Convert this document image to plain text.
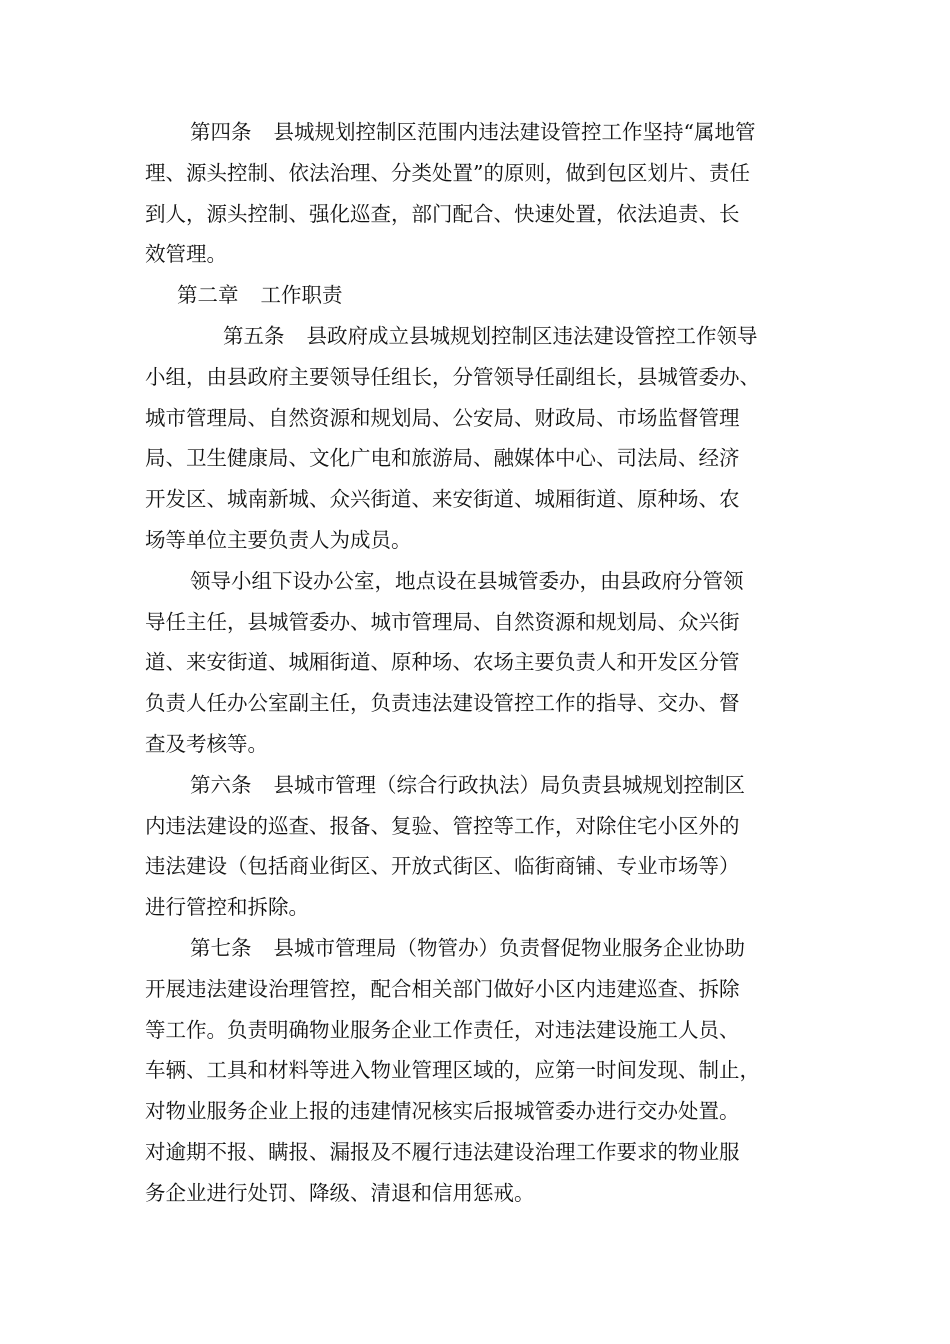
第四条 县城规划控制区范围内违法建设管控工作坚持“属地管
理、源头控制、依法治理、分类处置”的原则，做到包区划片、责任
到人，源头控制、强化巡查，部门配合、快速处置，依法追责、长
效管理。
第二章 工作职责
第五条 县政府成立县城规划控制区违法建设管控工作领导
小组，由县政府主要领导任组长，分管领导任副组长，县城管委办、
城市管理局、自然资源和规划局、公安局、财政局、市场监督管理
局、卫生健康局、文化广电和旅游局、融媒体中心、司法局、经济
开发区、城南新城、众兴街道、来安街道、城厢街道、原种场、农
场等单位主要负责人为成员。
领导小组下设办公室，地点设在县城管委办，由县政府分管领
导任主任，县城管委办、城市管理局、自然资源和规划局、众兴街
道、来安街道、城厢街道、原种场、农场主要负责人和开发区分管
负责人任办公室副主任，负责违法建设管控工作的指导、交办、督
查及考核等。
第六条 县城市管理（综合行政执法）局负责县城规划控制区
内违法建设的巡查、报备、复验、管控等工作，对除住宅小区外的
违法建设（包括商业街区、开放式街区、临街商铺、专业市场等）
进行管控和拆除。
第七条 县城市管理局（物管办）负责督促物业服务企业协助
开展违法建设治理管控，配合相关部门做好小区内违建巡查、拆除
等工作。负责明确物业服务企业工作责任，对违法建设施工人员、
车辆、工具和材料等进入物业管理区域的，应第一时间发现、制止，
对物业服务企业上报的违建情况核实后报城管委办进行交办处置。
对逾期不报、瞒报、漏报及不履行违法建设治理工作要求的物业服
务企业进行处罚、降级、清退和信用惩戒。
